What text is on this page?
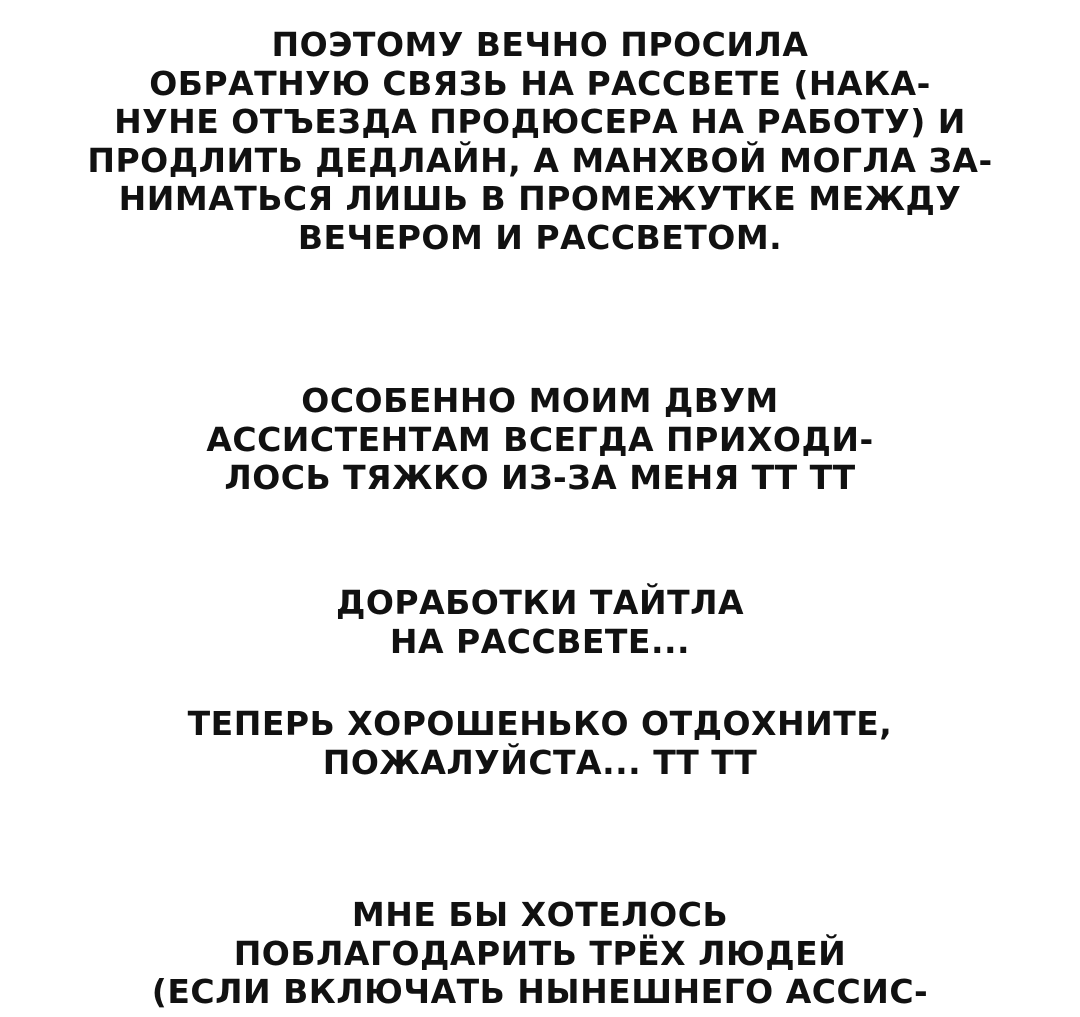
ПОЭТОМУ ВЕЧНО ПРОСИЛА
ОБРАТНУЮ СВЯЗЬ НА РАССВЕТЕ (НАКА-
НУНЕ ОТЪЕЗДА ПРОДЮСЕРА НА РАБОТУ) И
ПРОДЛИТЬ ДЕДЛАЙН, А МАНХВОЙ МОГЛА ЗА-
НИМАТЬСЯ ЛИШЬ В ПРОМЕЖУТКЕ МЕЖДУ
ВЕЧЕРОМ И РАССВЕТОМ.
ОСОБЕННО МОИМ ДВУМ
АССИСТЕНТАМ ВСЕГДА ПРИХОДИ-
ЛОСЬ ТЯЖКО ИЗ-ЗА МЕНЯ ТТ ТТ
ДОРАБОТКИ ТАЙТЛА
НА РАССВЕТЕ...
ТЕПЕРЬ ХОРОШЕНЬКО ОТДОХНИТЕ,
ПОЖАЛУЙСТА... ТТ ТТ
МНЕ БЫ ХОТЕЛОСЬ
ПОБЛАГОДАРИТЬ ТРЁХ ЛЮДЕЙ
(ЕСЛИ ВКЛЮЧАТЬ НЫНЕШНЕГО АССИС-
